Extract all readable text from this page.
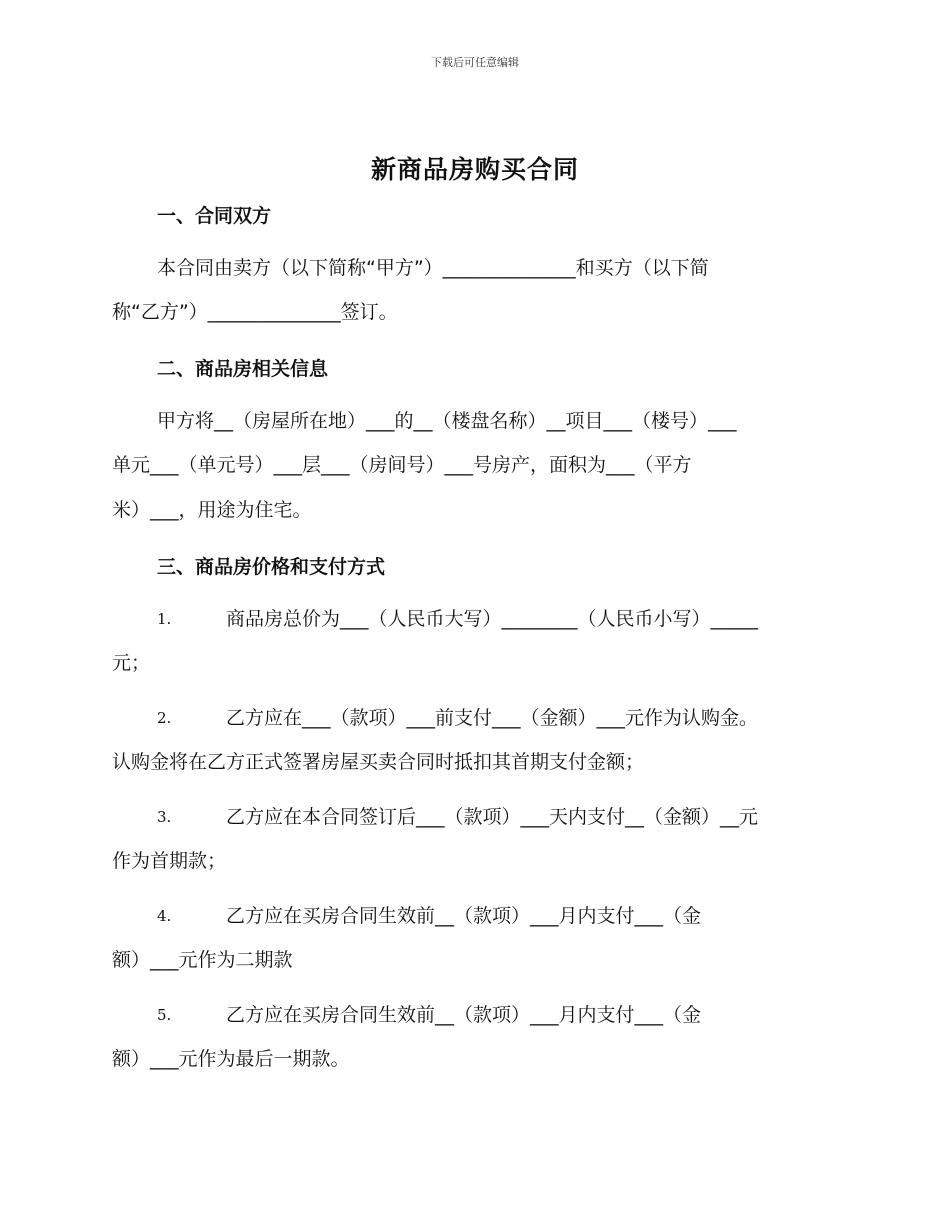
下载后可任意编辑
新商品房购买合同
一、合同双方
本合同由卖方（以下简称“甲方”）______________和买方（以下简
称“乙方”）______________签订。
二、商品房相关信息
甲方将__（房屋所在地）___的__（楼盘名称）__项目___（楼号）___
单元___（单元号）___层___（房间号）___号房产，面积为___（平方
米）___，用途为住宅。
三、商品房价格和支付方式
1.	商品房总价为___（人民币大写）________（人民币小写）_____
元；
2.	乙方应在___（款项）___前支付___（金额）___元作为认购金。
认购金将在乙方正式签署房屋买卖合同时抵扣其首期支付金额；
3.	乙方应在本合同签订后___（款项）___天内支付__（金额）__元
作为首期款；
4.	乙方应在买房合同生效前__（款项）___月内支付___（金
额）___元作为二期款
5.	乙方应在买房合同生效前__（款项）___月内支付___（金
额）___元作为最后一期款。
